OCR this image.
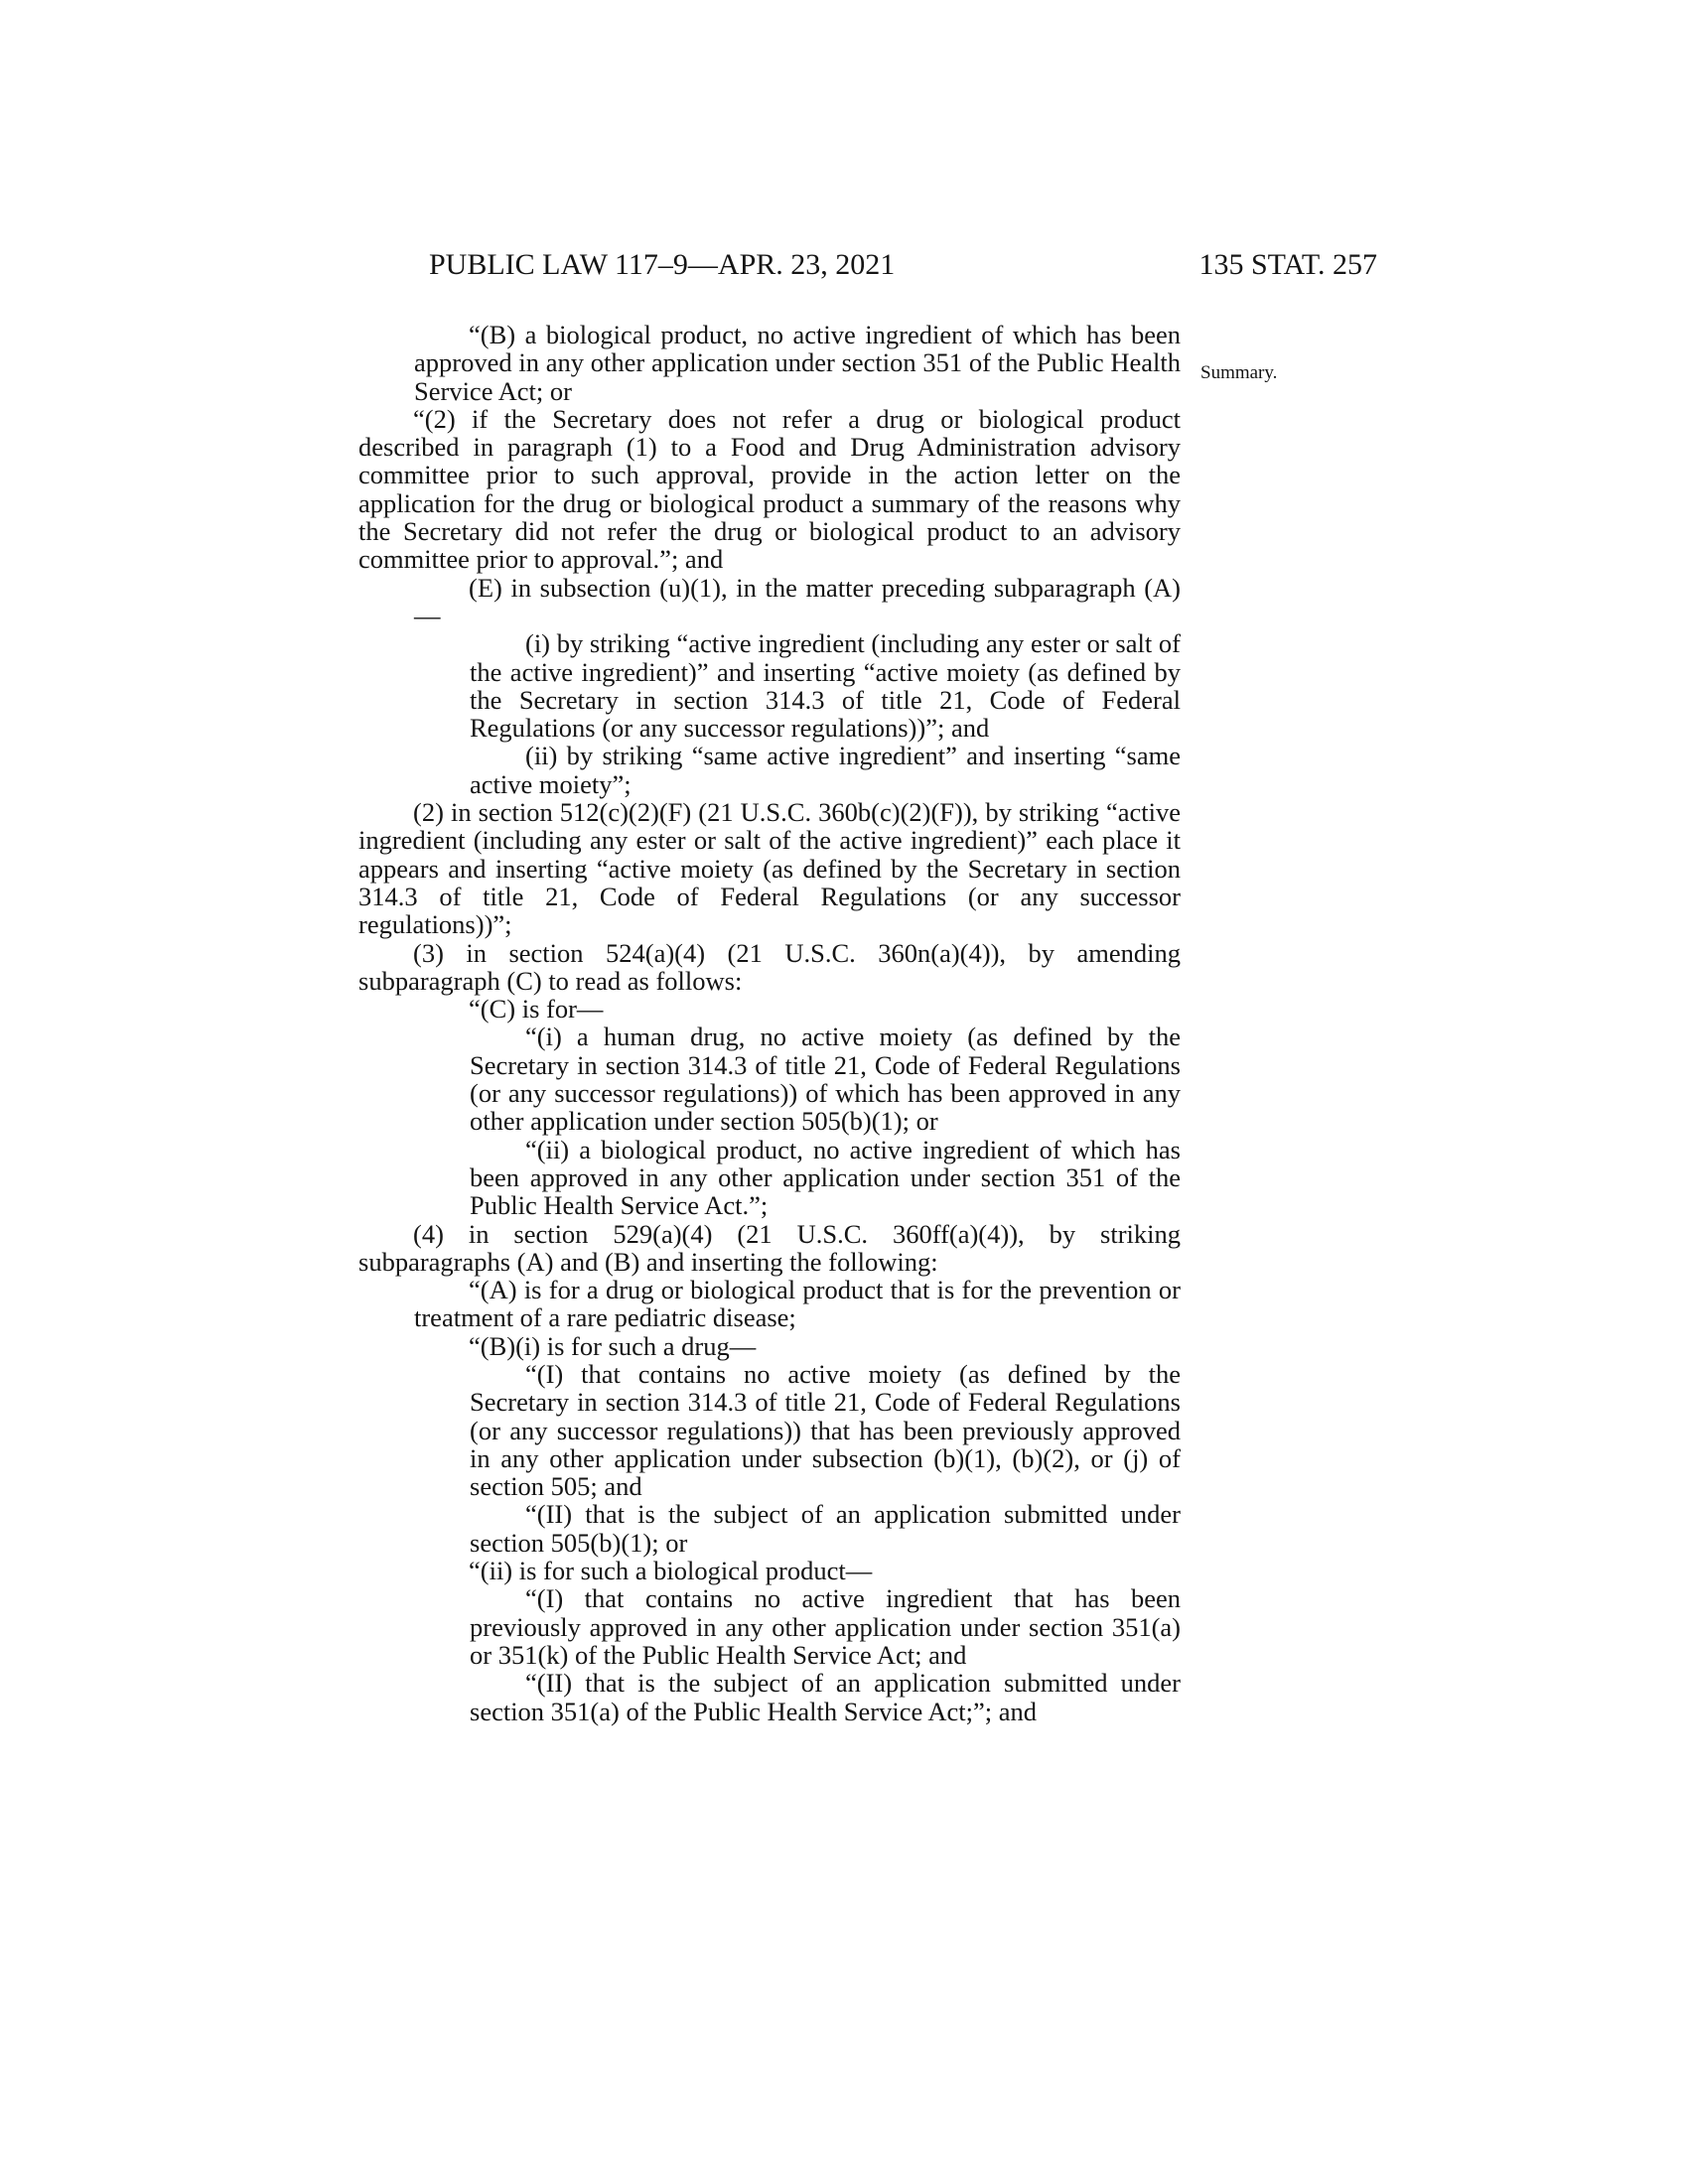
PUBLIC LAW 117–9—APR. 23, 2021	135 STAT. 257
Summary.

“(B) a biological product, no active ingredient of which has been approved in any other application under section 351 of the Public Health Service Act; or

“(2) if the Secretary does not refer a drug or biological product described in paragraph (1) to a Food and Drug Administration advisory committee prior to such approval, provide in the action letter on the application for the drug or biological product a summary of the reasons why the Secretary did not refer the drug or biological product to an advisory committee prior to approval.”; and

(E) in subsection (u)(1), in the matter preceding subparagraph (A)—

(i) by striking “active ingredient (including any ester or salt of the active ingredient)” and inserting “active moiety (as defined by the Secretary in section 314.3 of title 21, Code of Federal Regulations (or any successor regulations))”; and

(ii) by striking “same active ingredient” and inserting “same active moiety”;

(2) in section 512(c)(2)(F) (21 U.S.C. 360b(c)(2)(F)), by striking “active ingredient (including any ester or salt of the active ingredient)” each place it appears and inserting “active moiety (as defined by the Secretary in section 314.3 of title 21, Code of Federal Regulations (or any successor regulations))”;

(3) in section 524(a)(4) (21 U.S.C. 360n(a)(4)), by amending subparagraph (C) to read as follows:

“(C) is for—

“(i) a human drug, no active moiety (as defined by the Secretary in section 314.3 of title 21, Code of Federal Regulations (or any successor regulations)) of which has been approved in any other application under section 505(b)(1); or

“(ii) a biological product, no active ingredient of which has been approved in any other application under section 351 of the Public Health Service Act.”;

(4) in section 529(a)(4) (21 U.S.C. 360ff(a)(4)), by striking subparagraphs (A) and (B) and inserting the following:

“(A) is for a drug or biological product that is for the prevention or treatment of a rare pediatric disease;

“(B)(i) is for such a drug—

“(I) that contains no active moiety (as defined by the Secretary in section 314.3 of title 21, Code of Federal Regulations (or any successor regulations)) that has been previously approved in any other application under subsection (b)(1), (b)(2), or (j) of section 505; and

“(II) that is the subject of an application submitted under section 505(b)(1); or

“(ii) is for such a biological product—

“(I) that contains no active ingredient that has been previously approved in any other application under section 351(a) or 351(k) of the Public Health Service Act; and

“(II) that is the subject of an application submitted under section 351(a) of the Public Health Service Act;”; and
